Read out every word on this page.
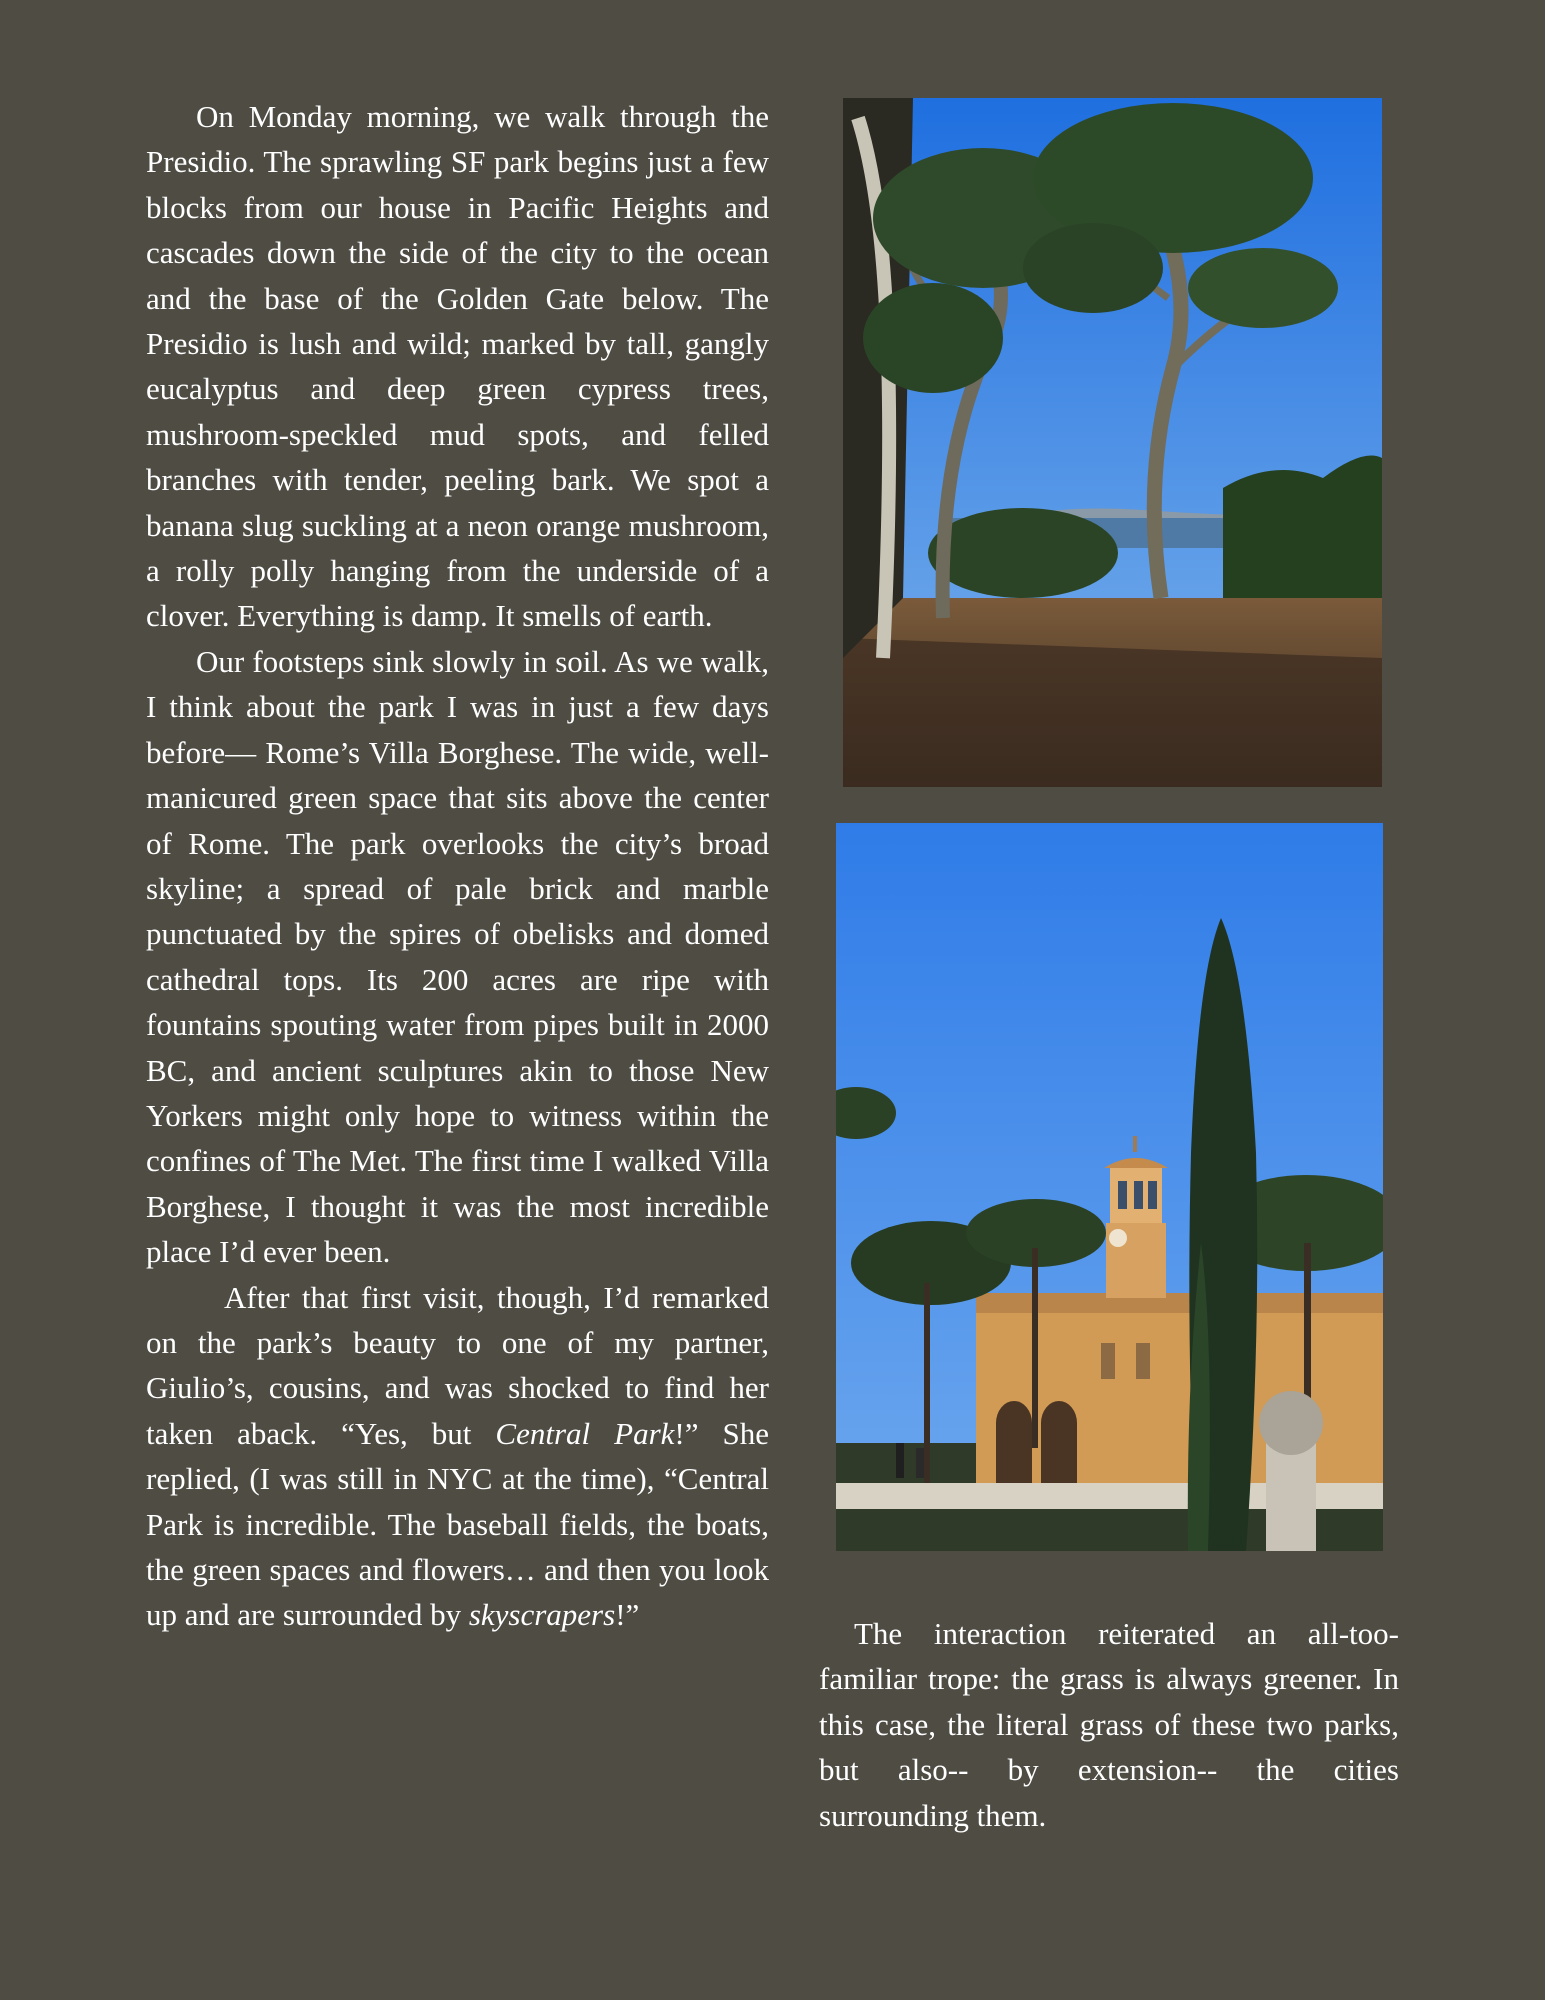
On Monday morning, we walk through the Presidio. The sprawling SF park begins just a few blocks from our house in Pacific Heights and cascades down the side of the city to the ocean and the base of the Golden Gate below. The Presidio is lush and wild; marked by tall, gangly eucalyptus and deep green cypress trees, mushroom-speckled mud spots, and felled branches with tender, peeling bark. We spot a banana slug suckling at a neon orange mushroom, a rolly polly hanging from the underside of a clover. Everything is damp. It smells of earth.

Our footsteps sink slowly in soil. As we walk, I think about the park I was in just a few days before— Rome’s Villa Borghese. The wide, well-manicured green space that sits above the center of Rome. The park overlooks the city’s broad skyline; a spread of pale brick and marble punctuated by the spires of obelisks and domed cathedral tops. Its 200 acres are ripe with fountains spouting water from pipes built in 2000 BC, and ancient sculptures akin to those New Yorkers might only hope to witness within the confines of The Met. The first time I walked Villa Borghese, I thought it was the most incredible place I’d ever been.

After that first visit, though, I’d remarked on the park’s beauty to one of my partner, Giulio’s, cousins, and was shocked to find her taken aback. “Yes, but Central Park!” She replied, (I was still in NYC at the time), “Central Park is incredible. The baseball fields, the boats, the green spaces and flowers… and then you look up and are surrounded by skyscrapers!”

The interaction reiterated an all-too-familiar trope: the grass is always greener. In this case, the literal grass of these two parks, but also-- by extension-- the cities surrounding them.
